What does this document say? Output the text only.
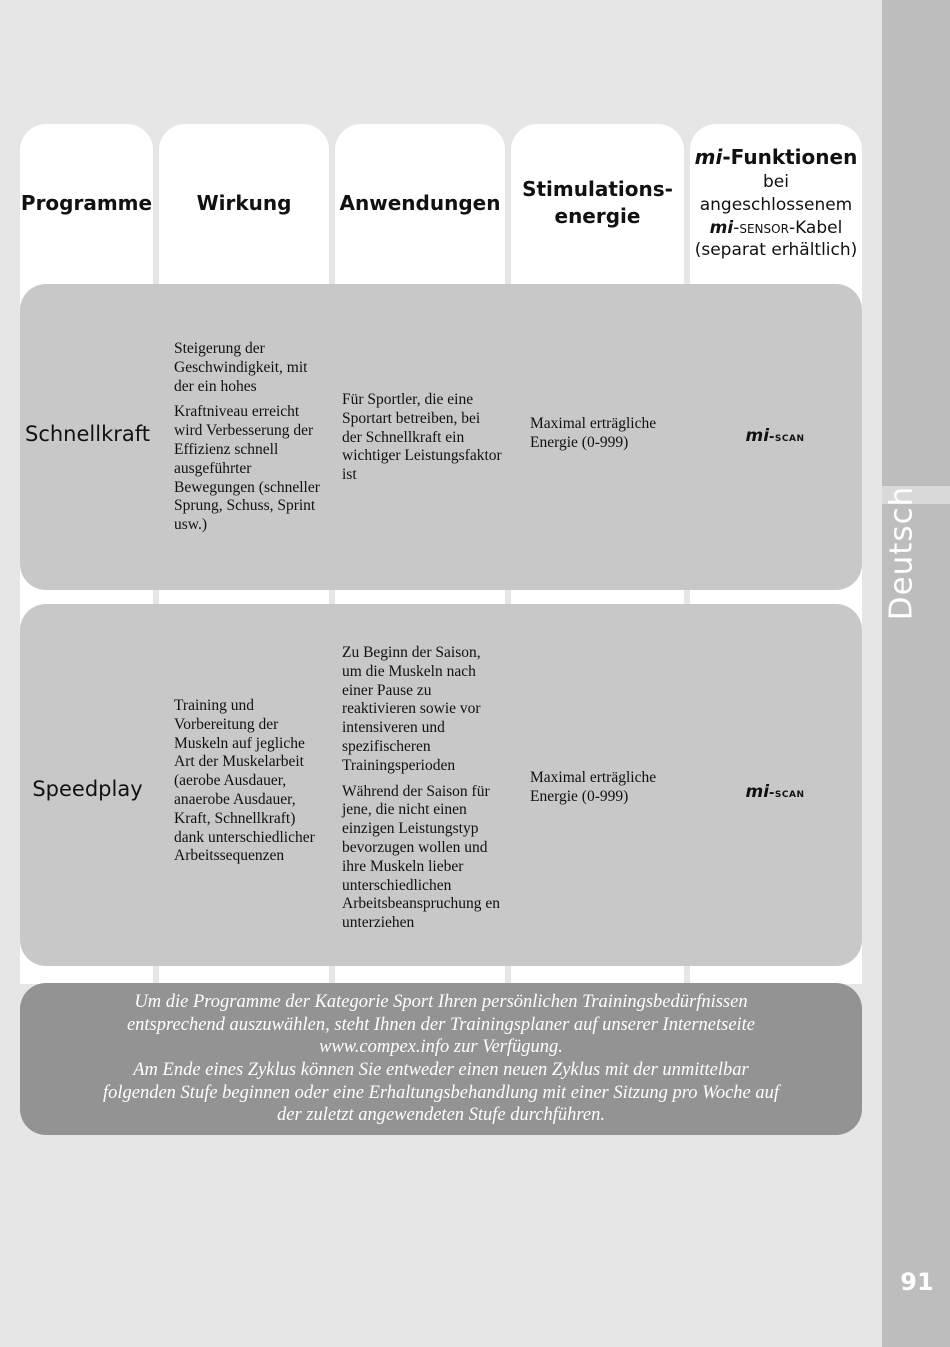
Deutsch
91
Programme Wirkung Anwendungen
Stimulations-
energie
mi-Funktionen
bei
angeschlossenem
mi-sensor-Kabel
(separat erhältlich)
Schnellkraft

Steigerung der Geschwindigkeit, mit der ein hohes

Kraftniveau erreicht wird Verbesserung der Effizienz schnell ausgeführter Bewegungen (schneller Sprung, Schuss, Sprint usw.)

Für Sportler, die eine Sportart betreiben, bei der Schnellkraft ein wichtiger Leistungsfaktor ist

Maximal erträgliche Energie (0-999)	mi-scan
Speedplay

Training und Vorbereitung der Muskeln auf jegliche Art der Muskelarbeit (aerobe Ausdauer, anaerobe Ausdauer, Kraft, Schnellkraft) dank unterschiedlicher Arbeitssequenzen

Zu Beginn der Saison, um die Muskeln nach einer Pause zu reaktivieren sowie vor intensiveren und spezifischeren Trainingsperioden

Während der Saison für jene, die nicht einen einzigen Leistungstyp bevorzugen wollen und ihre Muskeln lieber unterschiedlichen Arbeitsbeanspruchung en unterziehen

Maximal erträgliche Energie (0-999)	mi-scan
Um die Programme der Kategorie Sport Ihren persönlichen Trainingsbedürfnissen
entsprechend auszuwählen, steht Ihnen der Trainingsplaner auf unserer Internetseite
www.compex.info zur Verfügung.
Am Ende eines Zyklus können Sie entweder einen neuen Zyklus mit der unmittelbar
folgenden Stufe beginnen oder eine Erhaltungsbehandlung mit einer Sitzung pro Woche auf
der zuletzt angewendeten Stufe durchführen.
